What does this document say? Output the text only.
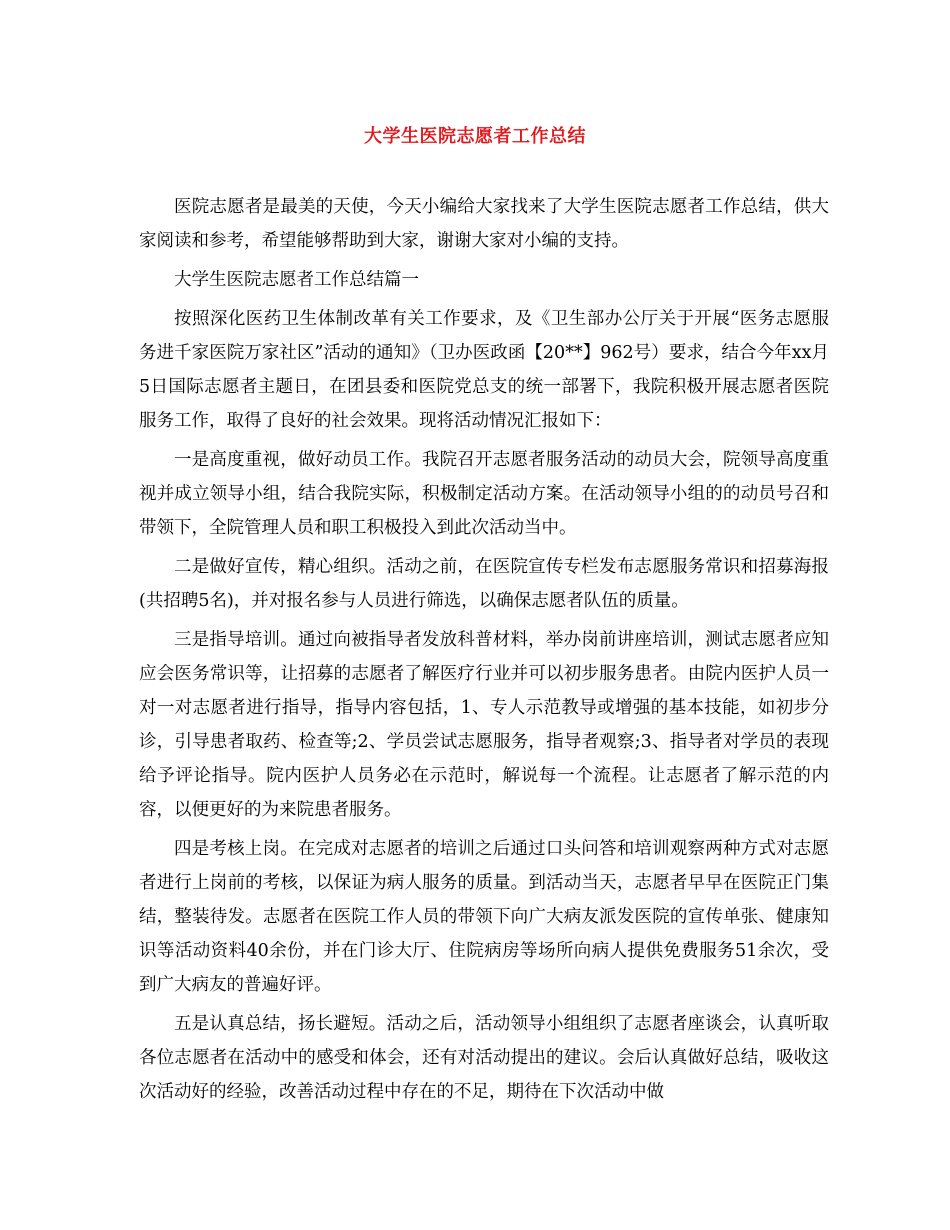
大学生医院志愿者工作总结

医院志愿者是最美的天使，今天小编给大家找来了大学生医院志愿者工作总结，供大家阅读和参考，希望能够帮助到大家，谢谢大家对小编的支持。

大学生医院志愿者工作总结篇一

按照深化医药卫生体制改革有关工作要求，及《卫生部办公厅关于开展“医务志愿服务进千家医院万家社区”活动的通知》（卫办医政函【20**】962号）要求，结合今年xx月5日国际志愿者主题日，在团县委和医院党总支的统一部署下，我院积极开展志愿者医院服务工作，取得了良好的社会效果。现将活动情况汇报如下：

一是高度重视，做好动员工作。我院召开志愿者服务活动的动员大会，院领导高度重视并成立领导小组，结合我院实际，积极制定活动方案。在活动领导小组的的动员号召和带领下，全院管理人员和职工积极投入到此次活动当中。

二是做好宣传，精心组织。活动之前，在医院宣传专栏发布志愿服务常识和招募海报(共招聘5名)，并对报名参与人员进行筛选，以确保志愿者队伍的质量。

三是指导培训。通过向被指导者发放科普材料，举办岗前讲座培训，测试志愿者应知应会医务常识等，让招募的志愿者了解医疗行业并可以初步服务患者。由院内医护人员一对一对志愿者进行指导，指导内容包括，1、专人示范教导或增强的基本技能，如初步分诊，引导患者取药、检查等;2、学员尝试志愿服务，指导者观察;3、指导者对学员的表现给予评论指导。院内医护人员务必在示范时，解说每一个流程。让志愿者了解示范的内容，以便更好的为来院患者服务。

四是考核上岗。在完成对志愿者的培训之后通过口头问答和培训观察两种方式对志愿者进行上岗前的考核，以保证为病人服务的质量。到活动当天，志愿者早早在医院正门集结，整装待发。志愿者在医院工作人员的带领下向广大病友派发医院的宣传单张、健康知识等活动资料40余份，并在门诊大厅、住院病房等场所向病人提供免费服务51余次，受到广大病友的普遍好评。

五是认真总结，扬长避短。活动之后，活动领导小组组织了志愿者座谈会，认真听取各位志愿者在活动中的感受和体会，还有对活动提出的建议。会后认真做好总结，吸收这次活动好的经验，改善活动过程中存在的不足，期待在下次活动中做
